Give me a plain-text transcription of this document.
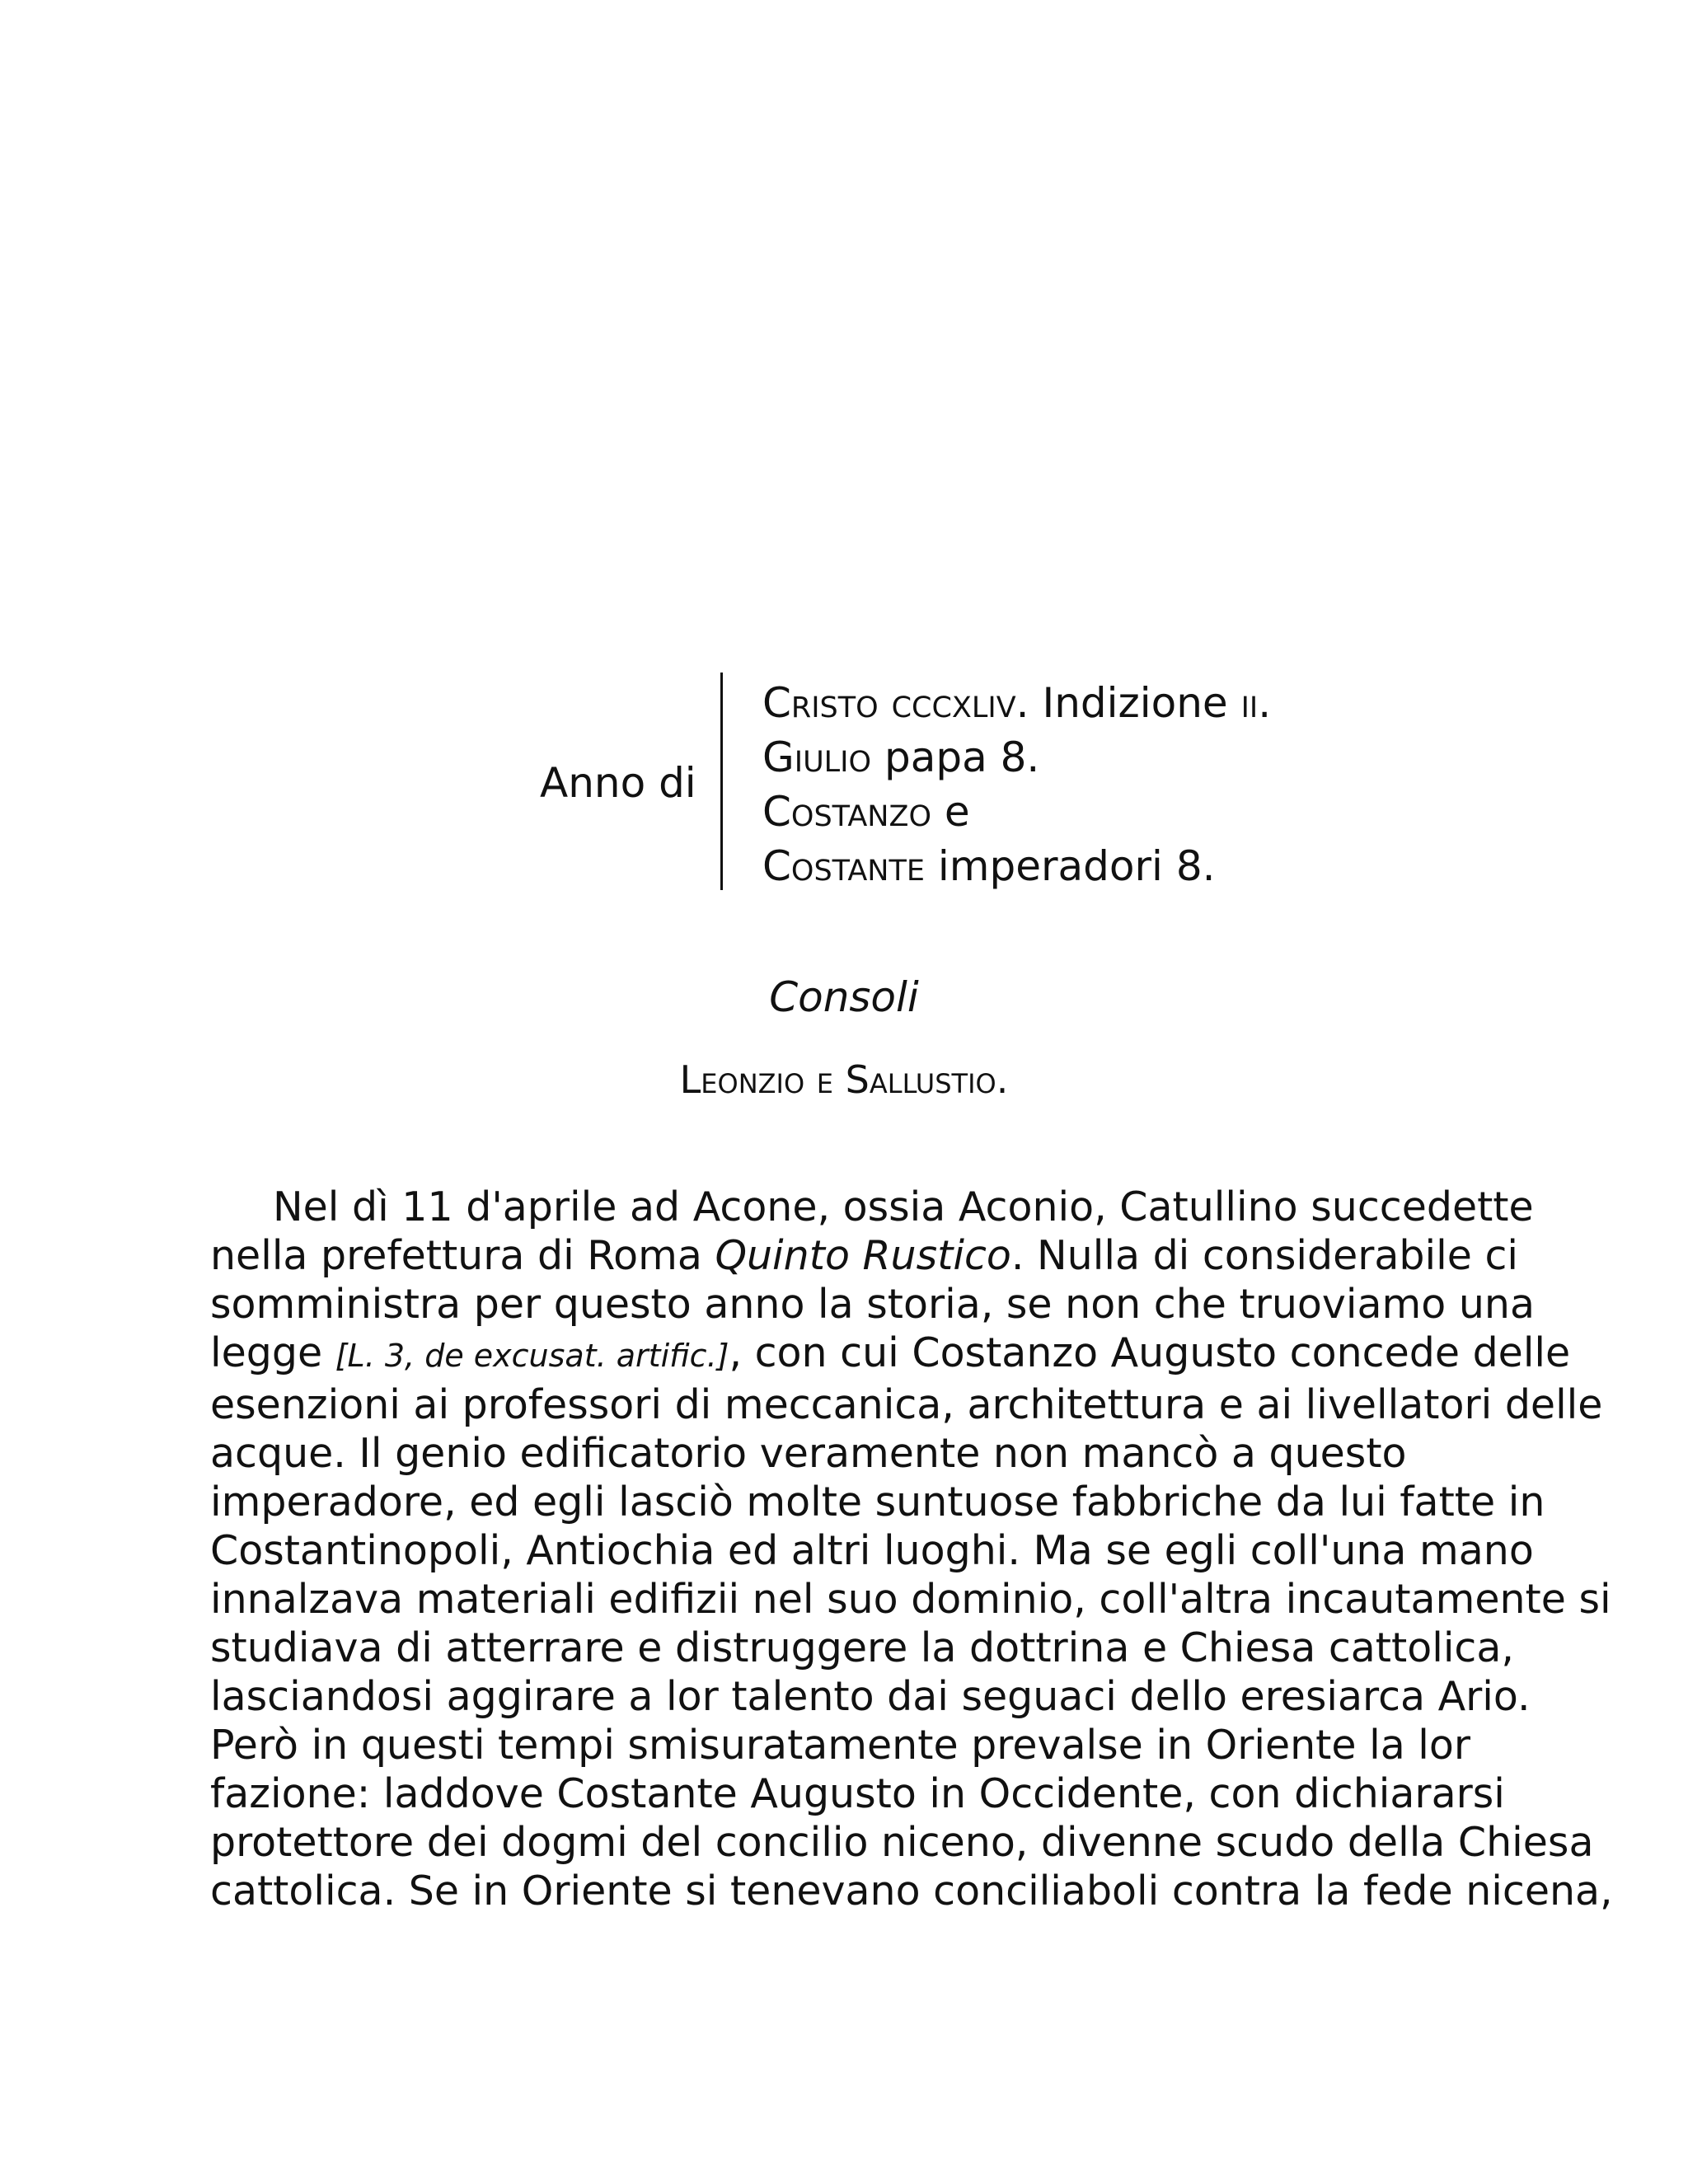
Anno di
Cristo cccxliv. Indizione ii.
Giulio papa 8.
Costanzo e
Costante imperadori 8.
Consoli
Leonzio e Sallustio.
Nel dì 11 d'aprile ad Acone, ossia Aconio, Catullino succedette
nella prefettura di Roma Quinto Rustico. Nulla di considerabile ci
somministra per questo anno la storia, se non che truoviamo una
legge [L. 3, de excusat. artific.], con cui Costanzo Augusto concede delle
esenzioni ai professori di meccanica, architettura e ai livellatori delle
acque. Il genio edificatorio veramente non mancò a questo
imperadore, ed egli lasciò molte suntuose fabbriche da lui fatte in
Costantinopoli, Antiochia ed altri luoghi. Ma se egli coll'una mano
innalzava materiali edifizii nel suo dominio, coll'altra incautamente si
studiava di atterrare e distruggere la dottrina e Chiesa cattolica,
lasciandosi aggirare a lor talento dai seguaci dello eresiarca Ario.
Però in questi tempi smisuratamente prevalse in Oriente la lor
fazione: laddove Costante Augusto in Occidente, con dichiararsi
protettore dei dogmi del concilio niceno, divenne scudo della Chiesa
cattolica. Se in Oriente si tenevano conciliaboli contra la fede nicena,
